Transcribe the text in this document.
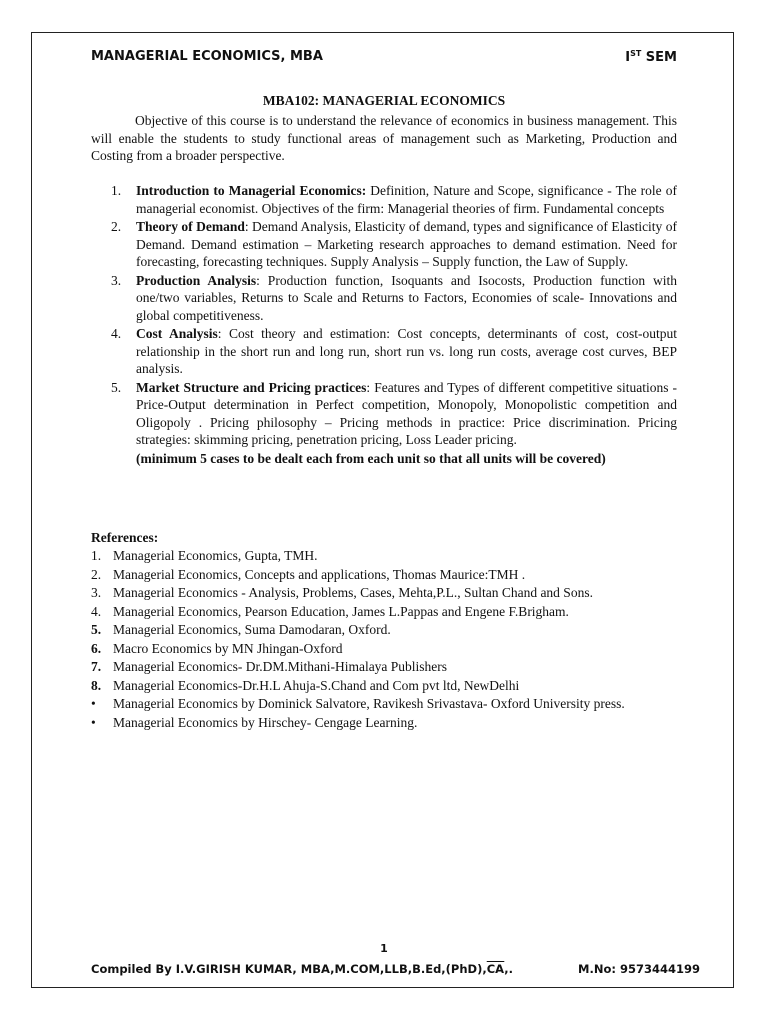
MANAGERIAL ECONOMICS, MBA	IST SEM
MBA102: MANAGERIAL ECONOMICS
Objective of this course is to understand the relevance of economics in business management. This will enable the students to study functional areas of management such as Marketing, Production and Costing from a broader perspective.
1. Introduction to Managerial Economics: Definition, Nature and Scope, significance - The role of managerial economist. Objectives of the firm: Managerial theories of firm. Fundamental concepts
2. Theory of Demand: Demand Analysis, Elasticity of demand, types and significance of Elasticity of Demand. Demand estimation – Marketing research approaches to demand estimation. Need for forecasting, forecasting techniques. Supply Analysis – Supply function, the Law of Supply.
3. Production Analysis: Production function, Isoquants and Isocosts, Production function with one/two variables, Returns to Scale and Returns to Factors, Economies of scale- Innovations and global competitiveness.
4. Cost Analysis: Cost theory and estimation: Cost concepts, determinants of cost, cost-output relationship in the short run and long run, short run vs. long run costs, average cost curves, BEP analysis.
5. Market Structure and Pricing practices: Features and Types of different competitive situations - Price-Output determination in Perfect competition, Monopoly, Monopolistic competition and Oligopoly . Pricing philosophy – Pricing methods in practice: Price discrimination. Pricing strategies: skimming pricing, penetration pricing, Loss Leader pricing.
(minimum 5 cases to be dealt each from each unit so that all units will be covered)
References:
1. Managerial Economics, Gupta, TMH.
2. Managerial Economics, Concepts and applications, Thomas Maurice:TMH .
3. Managerial Economics - Analysis, Problems, Cases, Mehta,P.L., Sultan Chand and Sons.
4. Managerial Economics, Pearson Education, James L.Pappas and Engene F.Brigham.
5. Managerial Economics, Suma Damodaran, Oxford.
6. Macro Economics by MN Jhingan-Oxford
7. Managerial Economics- Dr.DM.Mithani-Himalaya Publishers
8. Managerial Economics-Dr.H.L Ahuja-S.Chand and Com pvt ltd, NewDelhi
• Managerial Economics by Dominick Salvatore, Ravikesh Srivastava- Oxford University press.
• Managerial Economics by Hirschey- Cengage Learning.
1
Compiled By I.V.GIRISH KUMAR, $MBA,M.COM,LLB,B.Ed,(PhD),\overline{CA}$,.	M.No: 9573444199
